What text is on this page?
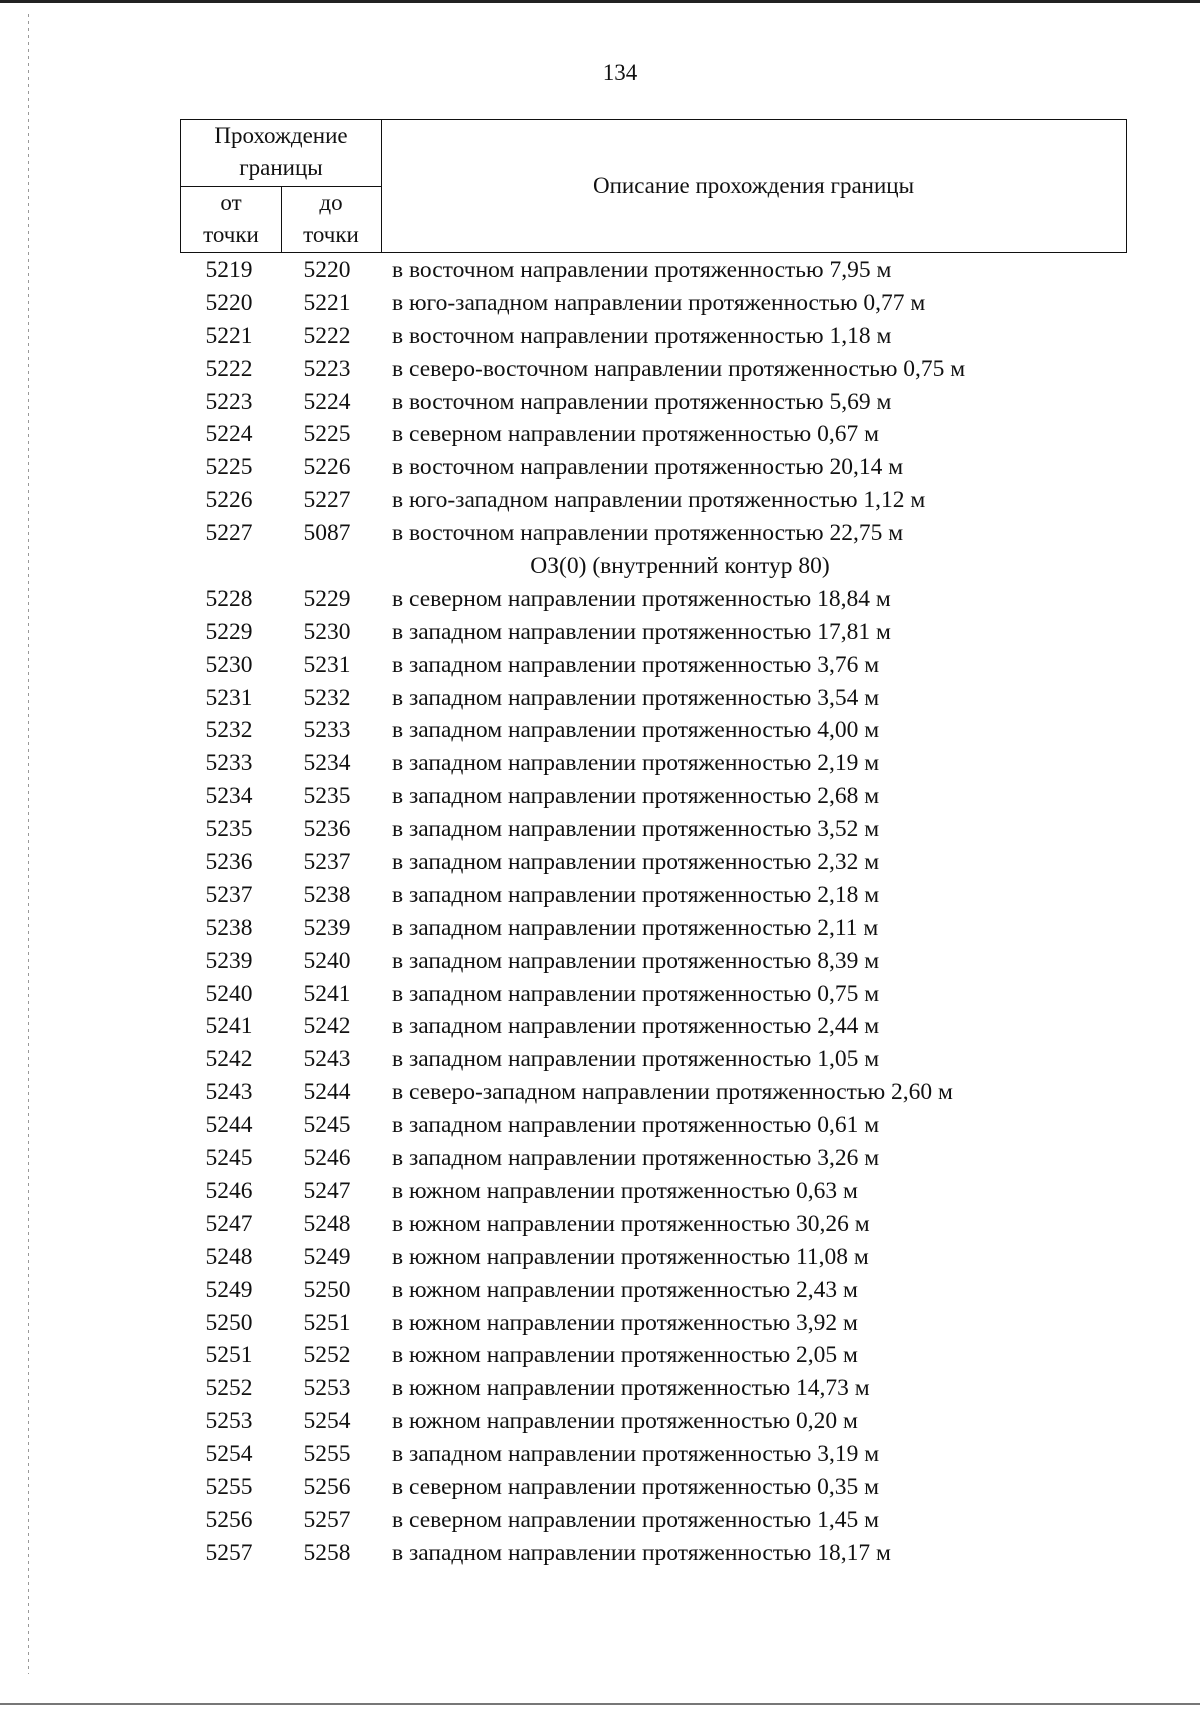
134
Прохождение границы
от точки
до точки
Описание прохождения границы
5219	5220	в восточном направлении протяженностью 7,95 м
5220	5221	в юго-западном направлении протяженностью 0,77 м
5221	5222	в восточном направлении протяженностью 1,18 м
5222	5223	в северо-восточном направлении протяженностью 0,75 м
5223	5224	в восточном направлении протяженностью 5,69 м
5224	5225	в северном направлении протяженностью 0,67 м
5225	5226	в восточном направлении протяженностью 20,14 м
5226	5227	в юго-западном направлении протяженностью 1,12 м
5227	5087	в восточном направлении протяженностью 22,75 м
ОЗ(0) (внутренний контур 80)
5228	5229	в северном направлении протяженностью 18,84 м
5229	5230	в западном направлении протяженностью 17,81 м
5230	5231	в западном направлении протяженностью 3,76 м
5231	5232	в западном направлении протяженностью 3,54 м
5232	5233	в западном направлении протяженностью 4,00 м
5233	5234	в западном направлении протяженностью 2,19 м
5234	5235	в западном направлении протяженностью 2,68 м
5235	5236	в западном направлении протяженностью 3,52 м
5236	5237	в западном направлении протяженностью 2,32 м
5237	5238	в западном направлении протяженностью 2,18 м
5238	5239	в западном направлении протяженностью 2,11 м
5239	5240	в западном направлении протяженностью 8,39 м
5240	5241	в западном направлении протяженностью 0,75 м
5241	5242	в западном направлении протяженностью 2,44 м
5242	5243	в западном направлении протяженностью 1,05 м
5243	5244	в северо-западном направлении протяженностью 2,60 м
5244	5245	в западном направлении протяженностью 0,61 м
5245	5246	в западном направлении протяженностью 3,26 м
5246	5247	в южном направлении протяженностью 0,63 м
5247	5248	в южном направлении протяженностью 30,26 м
5248	5249	в южном направлении протяженностью 11,08 м
5249	5250	в южном направлении протяженностью 2,43 м
5250	5251	в южном направлении протяженностью 3,92 м
5251	5252	в южном направлении протяженностью 2,05 м
5252	5253	в южном направлении протяженностью 14,73 м
5253	5254	в южном направлении протяженностью 0,20 м
5254	5255	в западном направлении протяженностью 3,19 м
5255	5256	в северном направлении протяженностью 0,35 м
5256	5257	в северном направлении протяженностью 1,45 м
5257	5258	в западном направлении протяженностью 18,17 м
